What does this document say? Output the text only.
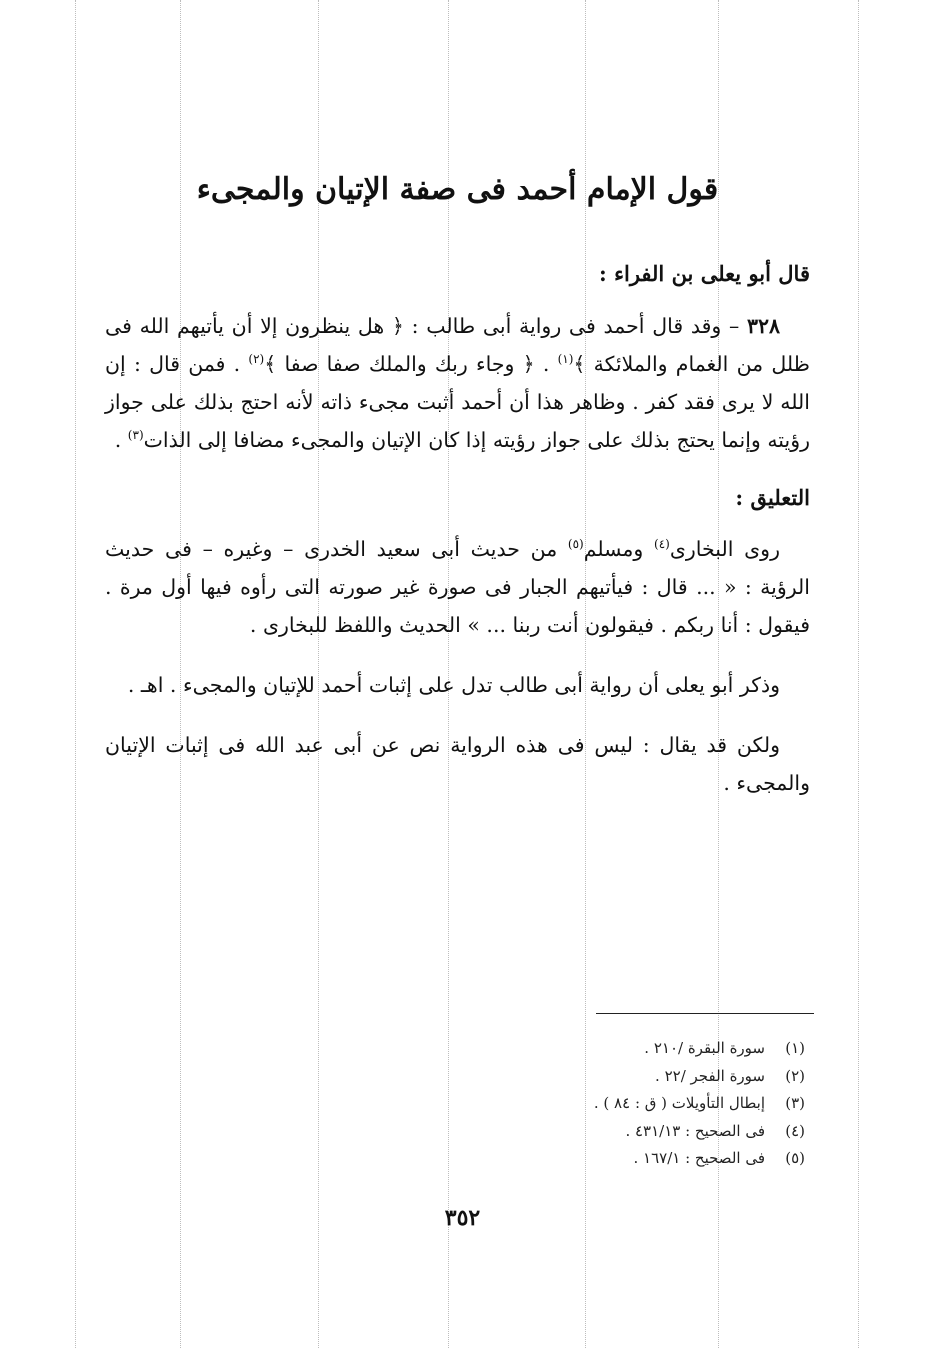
قول الإمام أحمد فى صفة الإتيان والمجىء
قال أبو يعلى بن الفراء :
٣٢٨ – وقد قال أحمد فى رواية أبى طالب : ﴿ هل ينظرون إلا أن يأتيهم الله فى ظلل من الغمام والملائكة ﴾$^{(١)}$ . ﴿ وجاء ربك والملك صفا صفا ﴾$^{(٢)}$ . فمن قال : إن الله لا يرى فقد كفر . وظاهر هذا أن أحمد أثبت مجىء ذاته لأنه احتج بذلك على جواز رؤيته وإنما يحتج بذلك على جواز رؤيته إذا كان الإتيان والمجىء مضافا إلى الذات$^{(٣)}$ .
التعليق :
روى البخارى$^{(٤)}$ ومسلم$^{(٥)}$ من حديث أبى سعيد الخدرى – وغيره – فى حديث الرؤية : « ... قال : فيأتيهم الجبار فى صورة غير صورته التى رأوه فيها أول مرة . فيقول : أنا ربكم . فيقولون أنت ربنا ... » الحديث واللفظ للبخارى .
وذكر أبو يعلى أن رواية أبى طالب تدل على إثبات أحمد للإتيان والمجىء . اهـ .
ولكن قد يقال : ليس فى هذه الرواية نص عن أبى عبد الله فى إثبات الإتيان والمجىء .
(١)
سورة البقرة /٢١٠ .
(٢)
سورة الفجر /٢٢ .
(٣)
إبطال التأويلات ( ق : ٨٤ ) .
(٤)
فى الصحيح : ٤٣١/١٣ .
(٥)
فى الصحيح : ١٦٧/١ .
٣٥٢
